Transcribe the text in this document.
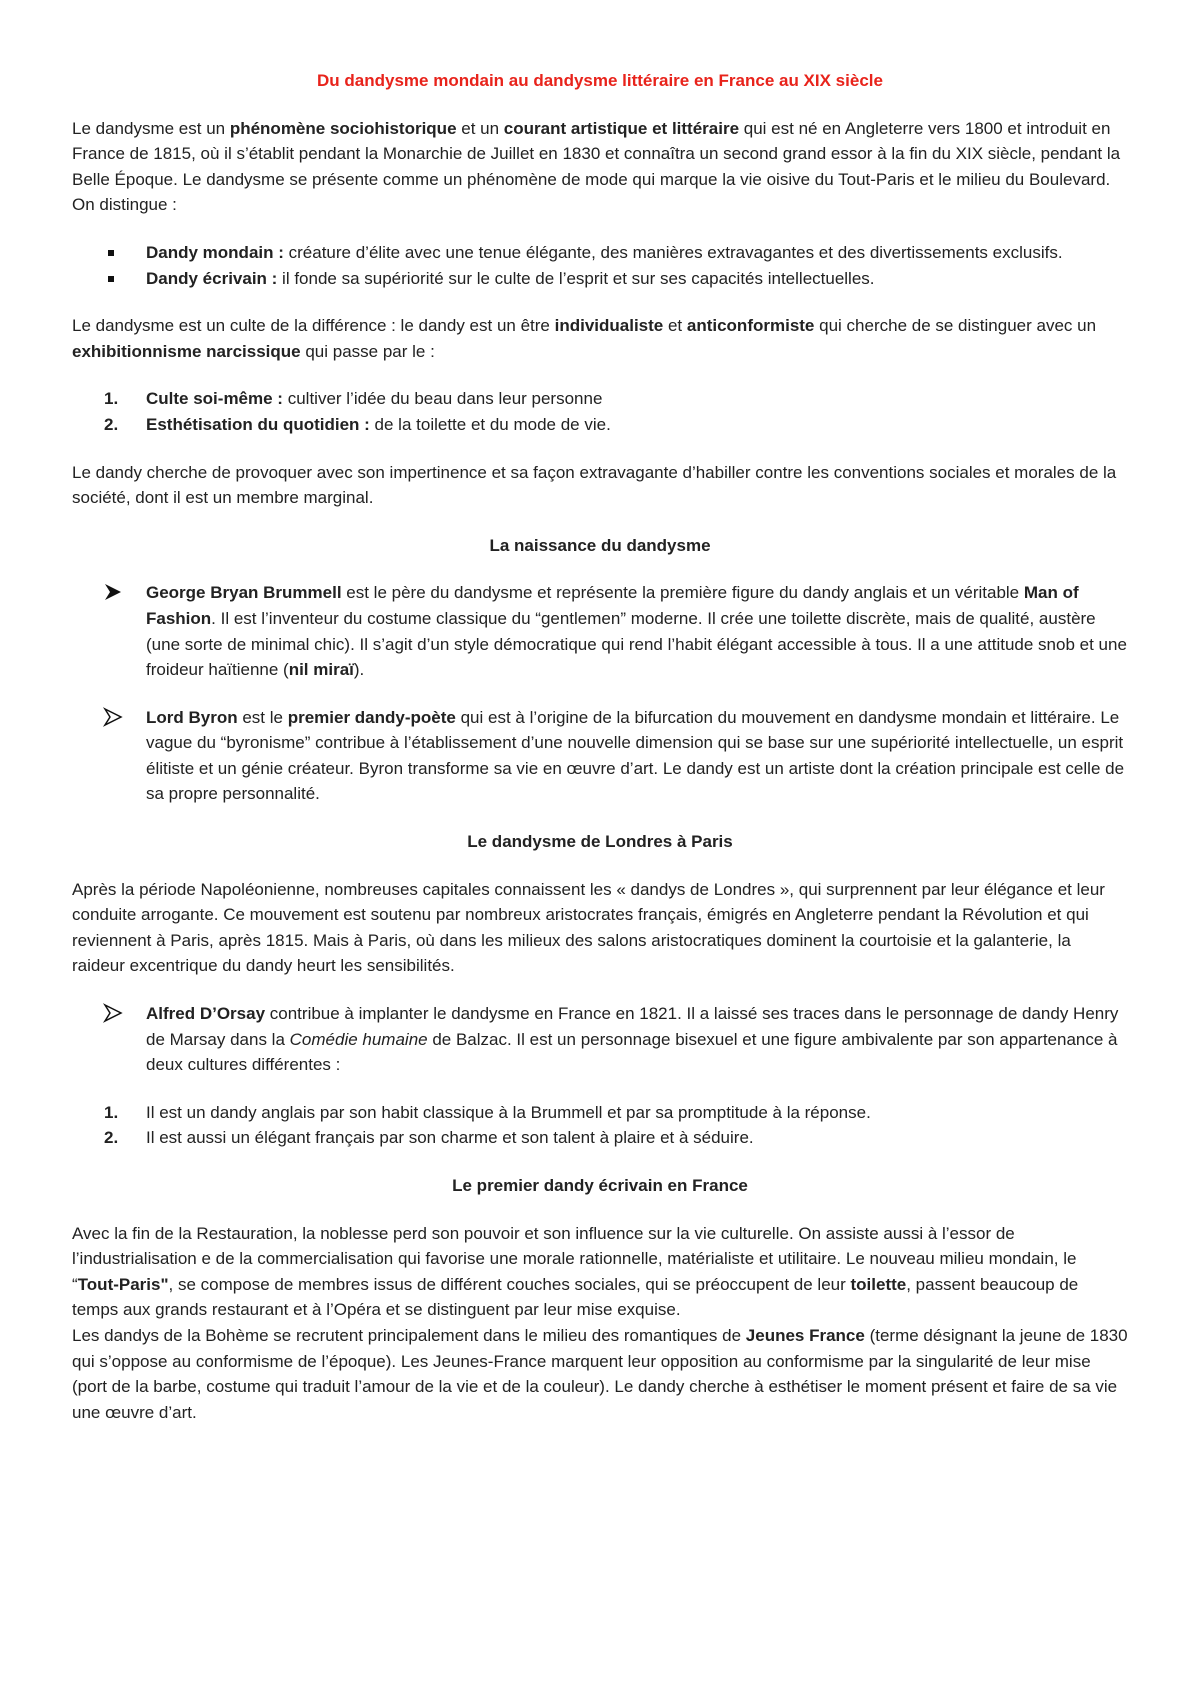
Du dandysme mondain au dandysme littéraire en France au XIX siècle

Le dandysme est un phénomène sociohistorique et un courant artistique et littéraire qui est né en Angleterre vers 1800 et introduit en France de 1815, où il s’établit pendant la Monarchie de Juillet en 1830 et connaîtra un second grand essor à la fin du XIX siècle, pendant la Belle Époque. Le dandysme se présente comme un phénomène de mode qui marque la vie oisive du Tout-Paris et le milieu du Boulevard. On distingue :

Dandy mondain : créature d’élite avec une tenue élégante, des manières extravagantes et des divertissements exclusifs.
Dandy écrivain : il fonde sa supériorité sur le culte de l’esprit et sur ses capacités intellectuelles.

Le dandysme est un culte de la différence : le dandy est un être individualiste et anticonformiste qui cherche de se distinguer avec un exhibitionnisme narcissique qui passe par le :

1.	Culte soi-même : cultiver l’idée du beau dans leur personne
2.	Esthétisation du quotidien : de la toilette et du mode de vie.

Le dandy cherche de provoquer avec son impertinence et sa façon extravagante d’habiller contre les conventions sociales et morales de la société, dont il est un membre marginal.

La naissance du dandysme
George Bryan Brummell est le père du dandysme et représente la première figure du dandy anglais et un véritable Man of Fashion. Il est l’inventeur du costume classique du “gentlemen” moderne. Il crée une toilette discrète, mais de qualité, austère (une sorte de minimal chic). Il s’agit d’un style démocratique qui rend l’habit élégant accessible à tous. Il a une attitude snob et une froideur haïtienne (nil miraï).
Lord Byron est le premier dandy-poète qui est à l’origine de la bifurcation du mouvement en dandysme mondain et littéraire. Le vague du “byronisme” contribue à l’établissement d’une nouvelle dimension qui se base sur une supériorité intellectuelle, un esprit élitiste et un génie créateur. Byron transforme sa vie en œuvre d’art. Le dandy est un artiste dont la création principale est celle de sa propre personnalité.
Le dandysme de Londres à Paris

Après la période Napoléonienne, nombreuses capitales connaissent les « dandys de Londres », qui surprennent par leur élégance et leur conduite arrogante. Ce mouvement est soutenu par nombreux aristocrates français, émigrés en Angleterre pendant la Révolution et qui reviennent à Paris, après 1815. Mais à Paris, où dans les milieux des salons aristocratiques dominent la courtoisie et la galanterie, la raideur excentrique du dandy heurt les sensibilités.

Alfred D’Orsay contribue à implanter le dandysme en France en 1821. Il a laissé ses traces dans le personnage de dandy Henry de Marsay dans la Comédie humaine de Balzac. Il est un personnage bisexuel et une figure ambivalente par son appartenance à deux cultures différentes :
1.	Il est un dandy anglais par son habit classique à la Brummell et par sa promptitude à la réponse.
2.	Il est aussi un élégant français par son charme et son talent à plaire et à séduire.
Le premier dandy écrivain en France

Avec la fin de la Restauration, la noblesse perd son pouvoir et son influence sur la vie culturelle. On assiste aussi à l’essor de l’industrialisation e de la commercialisation qui favorise une morale rationnelle, matérialiste et utilitaire. Le nouveau milieu mondain, le “Tout-Paris", se compose de membres issus de différent couches sociales, qui se préoccupent de leur toilette, passent beaucoup de temps aux grands restaurant et à l’Opéra et se distinguent par leur mise exquise.

Les dandys de la Bohème se recrutent principalement dans le milieu des romantiques de Jeunes France (terme désignant la jeune de 1830 qui s’oppose au conformisme de l’époque). Les Jeunes-France marquent leur opposition au conformisme par la singularité de leur mise (port de la barbe, costume qui traduit l’amour de la vie et de la couleur). Le dandy cherche à esthétiser le moment présent et faire de sa vie une œuvre d’art.
